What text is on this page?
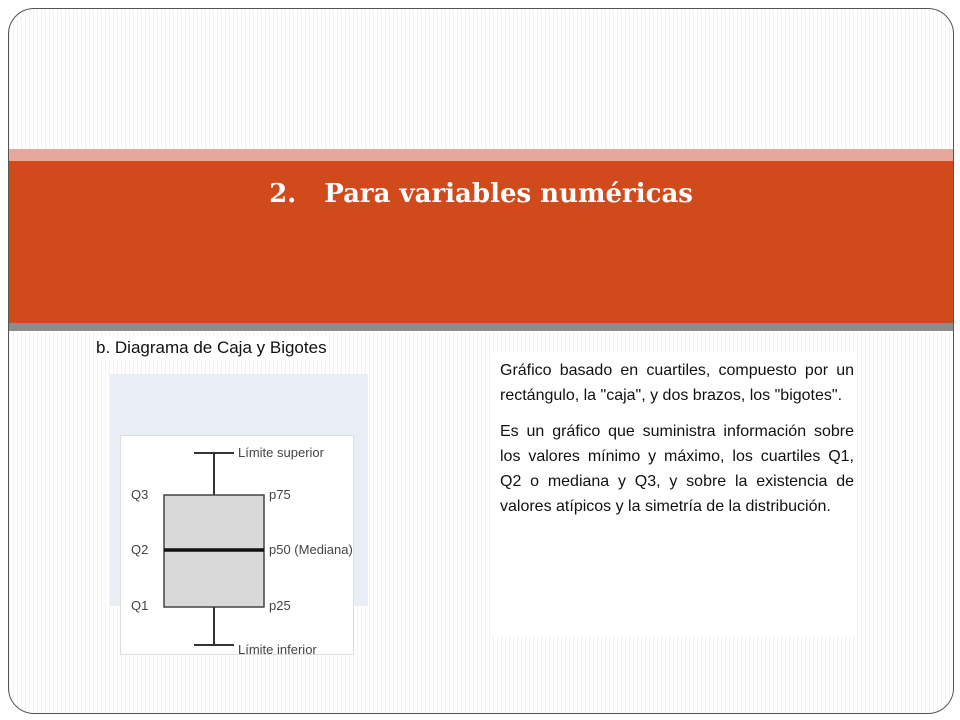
2. Para variables numéricas
b. Diagrama de Caja y Bigotes
Límite superior
Límite inferior
Q3
Q2
Q1
p75
p50 (Mediana)
p25

Gráfico basado en cuartiles, compuesto por un rectángulo, la "caja", y dos brazos, los "bigotes".

Es un gráfico que suministra información sobre los valores mínimo y máximo, los cuartiles Q1, Q2 o mediana y Q3, y sobre la existencia de valores atípicos y la simetría de la distribución.
